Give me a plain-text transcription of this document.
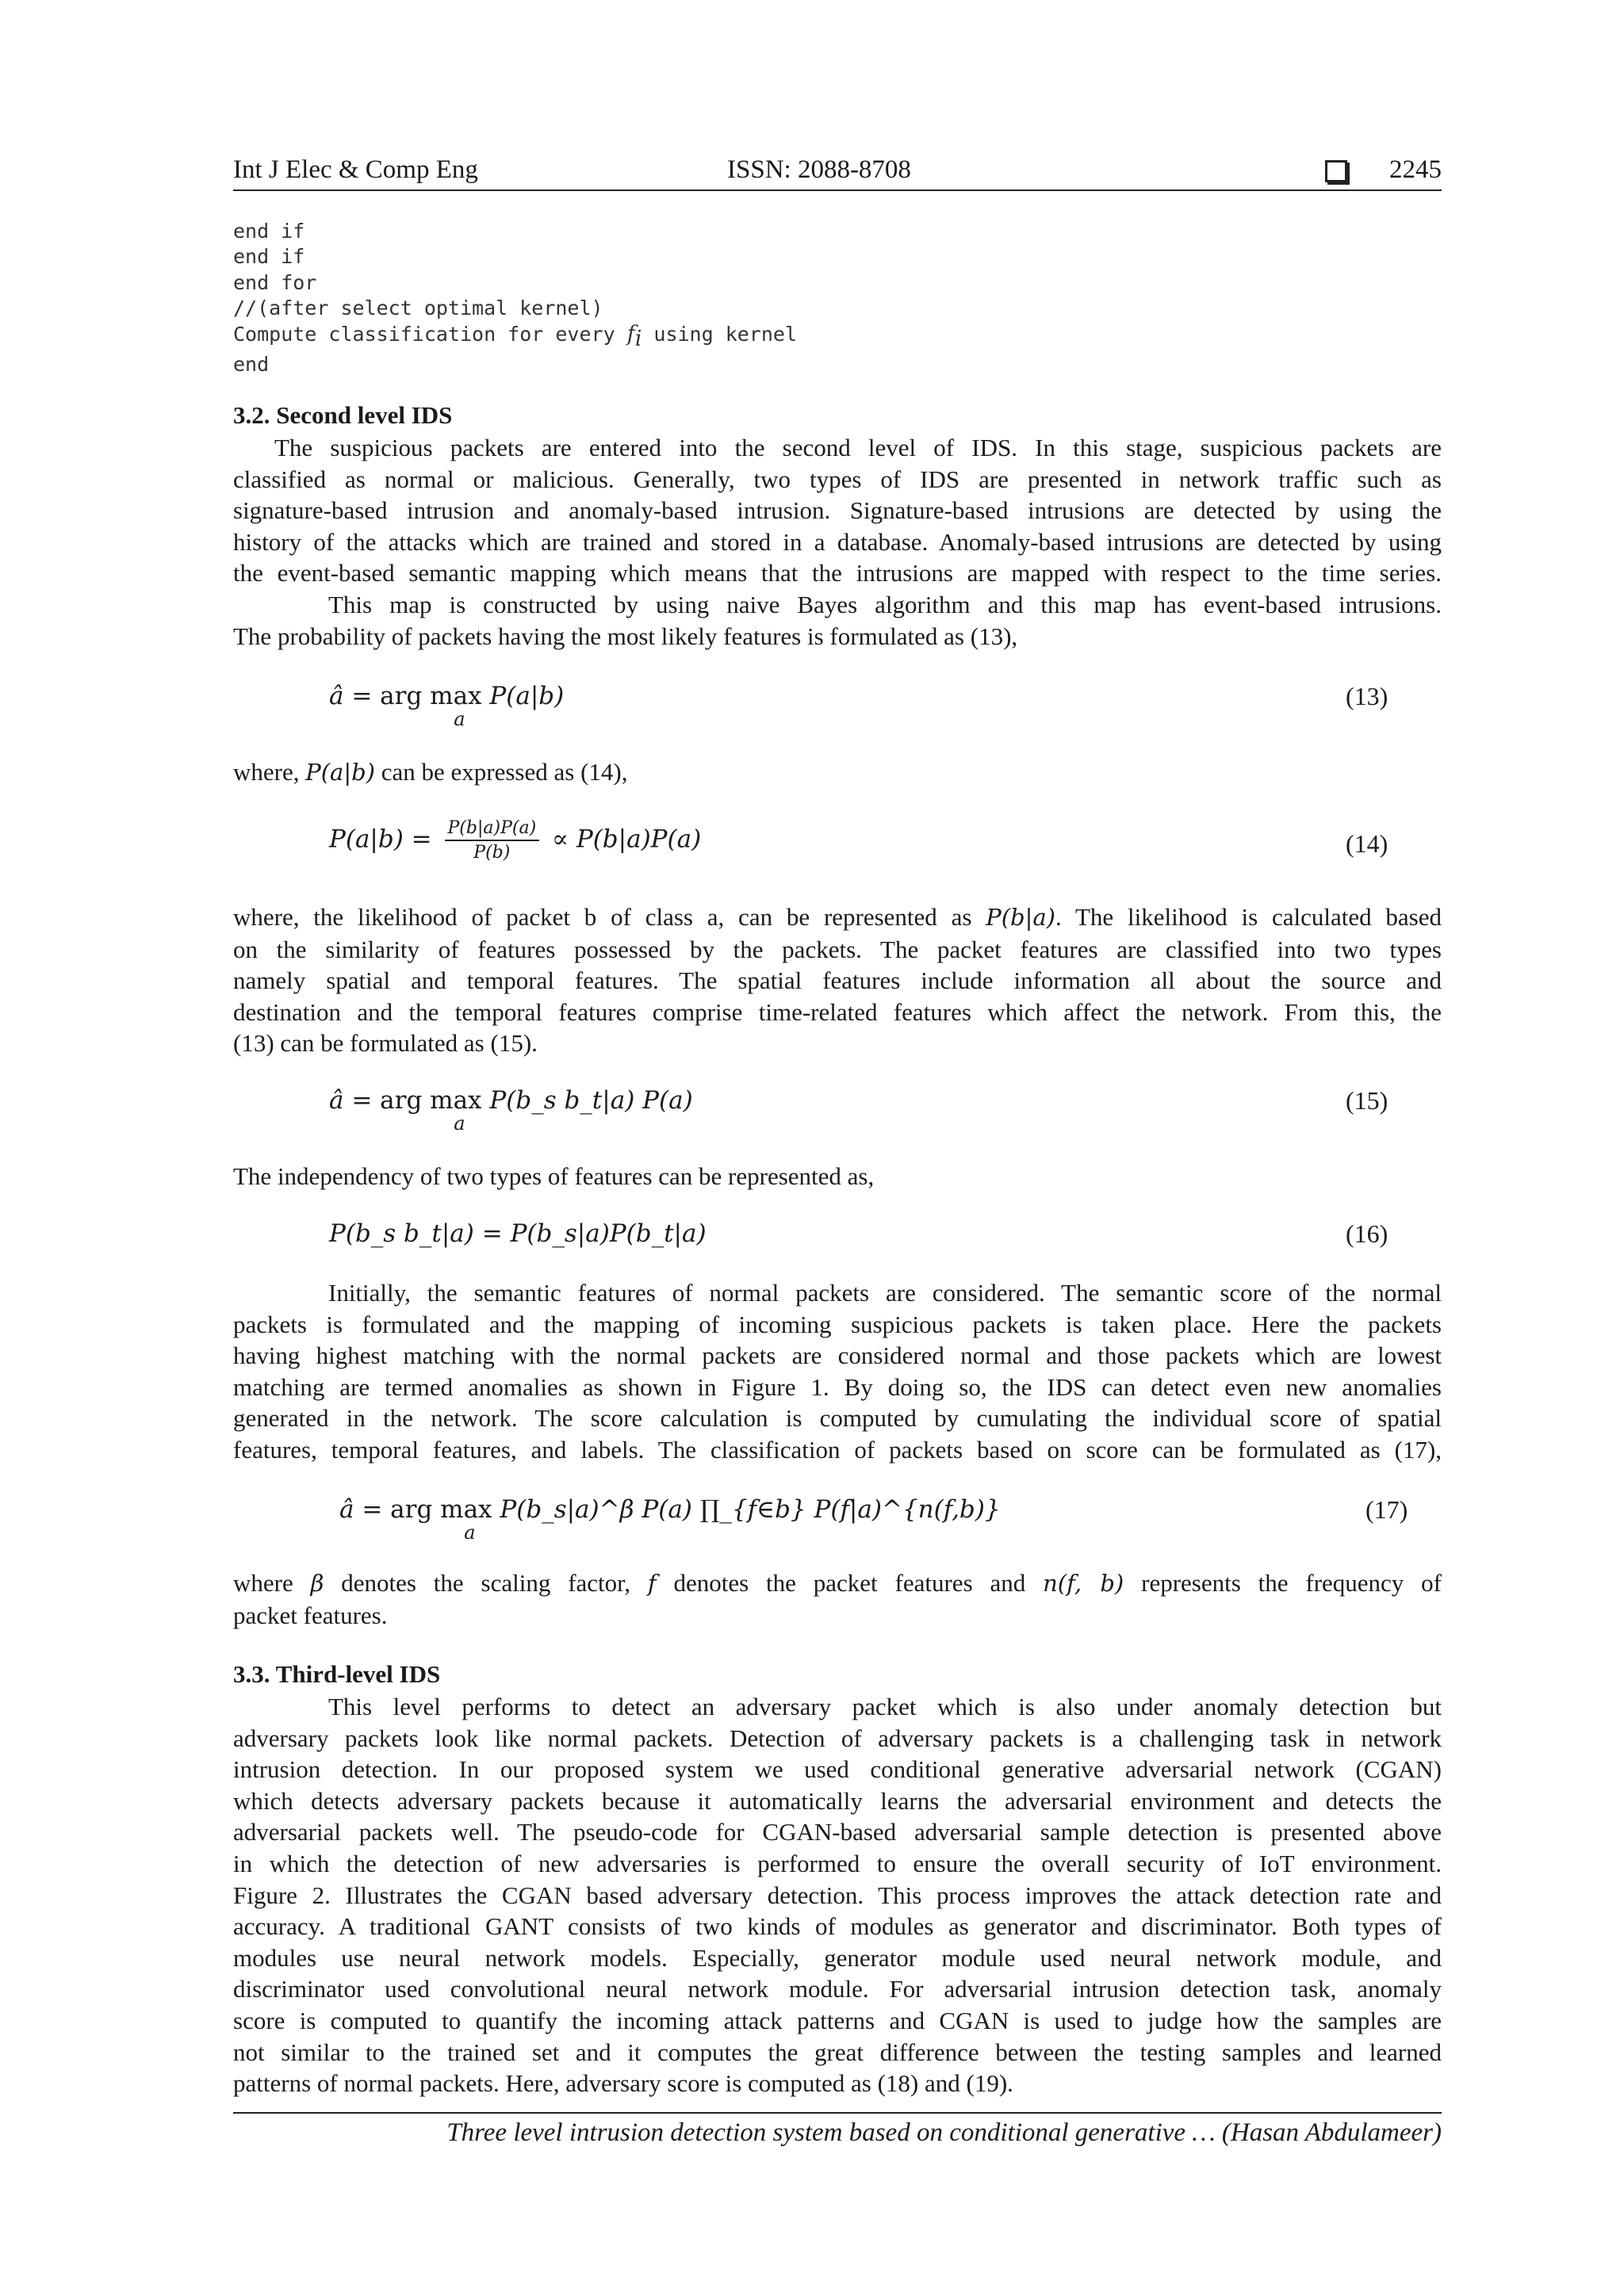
Int J Elec & Comp Eng	ISSN: 2088-8708	2245
end if
end if
end for
//(after select optimal kernel)
Compute classification for every $f_i$ using kernel
end
3.2. Second level IDS
The suspicious packets are entered into the second level of IDS. In this stage, suspicious packets are
classified as normal or malicious. Generally, two types of IDS are presented in network traffic such as
signature-based intrusion and anomaly-based intrusion. Signature-based intrusions are detected by using the
history of the attacks which are trained and stored in a database. Anomaly-based intrusions are detected by using
the event-based semantic mapping which means that the intrusions are mapped with respect to the time series.
This map is constructed by using naive Bayes algorithm and this map has event-based intrusions.
The probability of packets having the most likely features is formulated as (13),
â = arg max
a
P(a|b)	(13)
where, P(a|b) can be expressed as (14),
$P(a|b) = \frac{P(b|a)P(a)}{P(b)} \propto P(b|a)P(a)$	(14)
where, the likelihood of packet b of class a, can be represented as P(b|a). The likelihood is calculated based
on the similarity of features possessed by the packets. The packet features are classified into two types
namely spatial and temporal features. The spatial features include information all about the source and
destination and the temporal features comprise time-related features which affect the network. From this, the
(13) can be formulated as (15).
â = arg max
a
P(b_s b_t|a) P(a)	(15)
The independency of two types of features can be represented as,
P(b_s b_t|a) = P(b_s|a)P(b_t|a)	(16)
Initially, the semantic features of normal packets are considered. The semantic score of the normal
packets is formulated and the mapping of incoming suspicious packets is taken place. Here the packets
having highest matching with the normal packets are considered normal and those packets which are lowest
matching are termed anomalies as shown in Figure 1. By doing so, the IDS can detect even new anomalies
generated in the network. The score calculation is computed by cumulating the individual score of spatial
features, temporal features, and labels. The classification of packets based on score can be formulated as (17),
â = arg max
a
P(b_s|a)^β P(a) ∏_{f∈b} P(f|a)^{n(f,b)}	(17)
where β denotes the scaling factor, f denotes the packet features and n(f, b) represents the frequency of
packet features.
3.3. Third-level IDS
This level performs to detect an adversary packet which is also under anomaly detection but
adversary packets look like normal packets. Detection of adversary packets is a challenging task in network
intrusion detection. In our proposed system we used conditional generative adversarial network (CGAN)
which detects adversary packets because it automatically learns the adversarial environment and detects the
adversarial packets well. The pseudo-code for CGAN-based adversarial sample detection is presented above
in which the detection of new adversaries is performed to ensure the overall security of IoT environment.
Figure 2. Illustrates the CGAN based adversary detection. This process improves the attack detection rate and
accuracy. A traditional GANT consists of two kinds of modules as generator and discriminator. Both types of
modules use neural network models. Especially, generator module used neural network module, and
discriminator used convolutional neural network module. For adversarial intrusion detection task, anomaly
score is computed to quantify the incoming attack patterns and CGAN is used to judge how the samples are
not similar to the trained set and it computes the great difference between the testing samples and learned
patterns of normal packets. Here, adversary score is computed as (18) and (19).
Three level intrusion detection system based on conditional generative … (Hasan Abdulameer)
